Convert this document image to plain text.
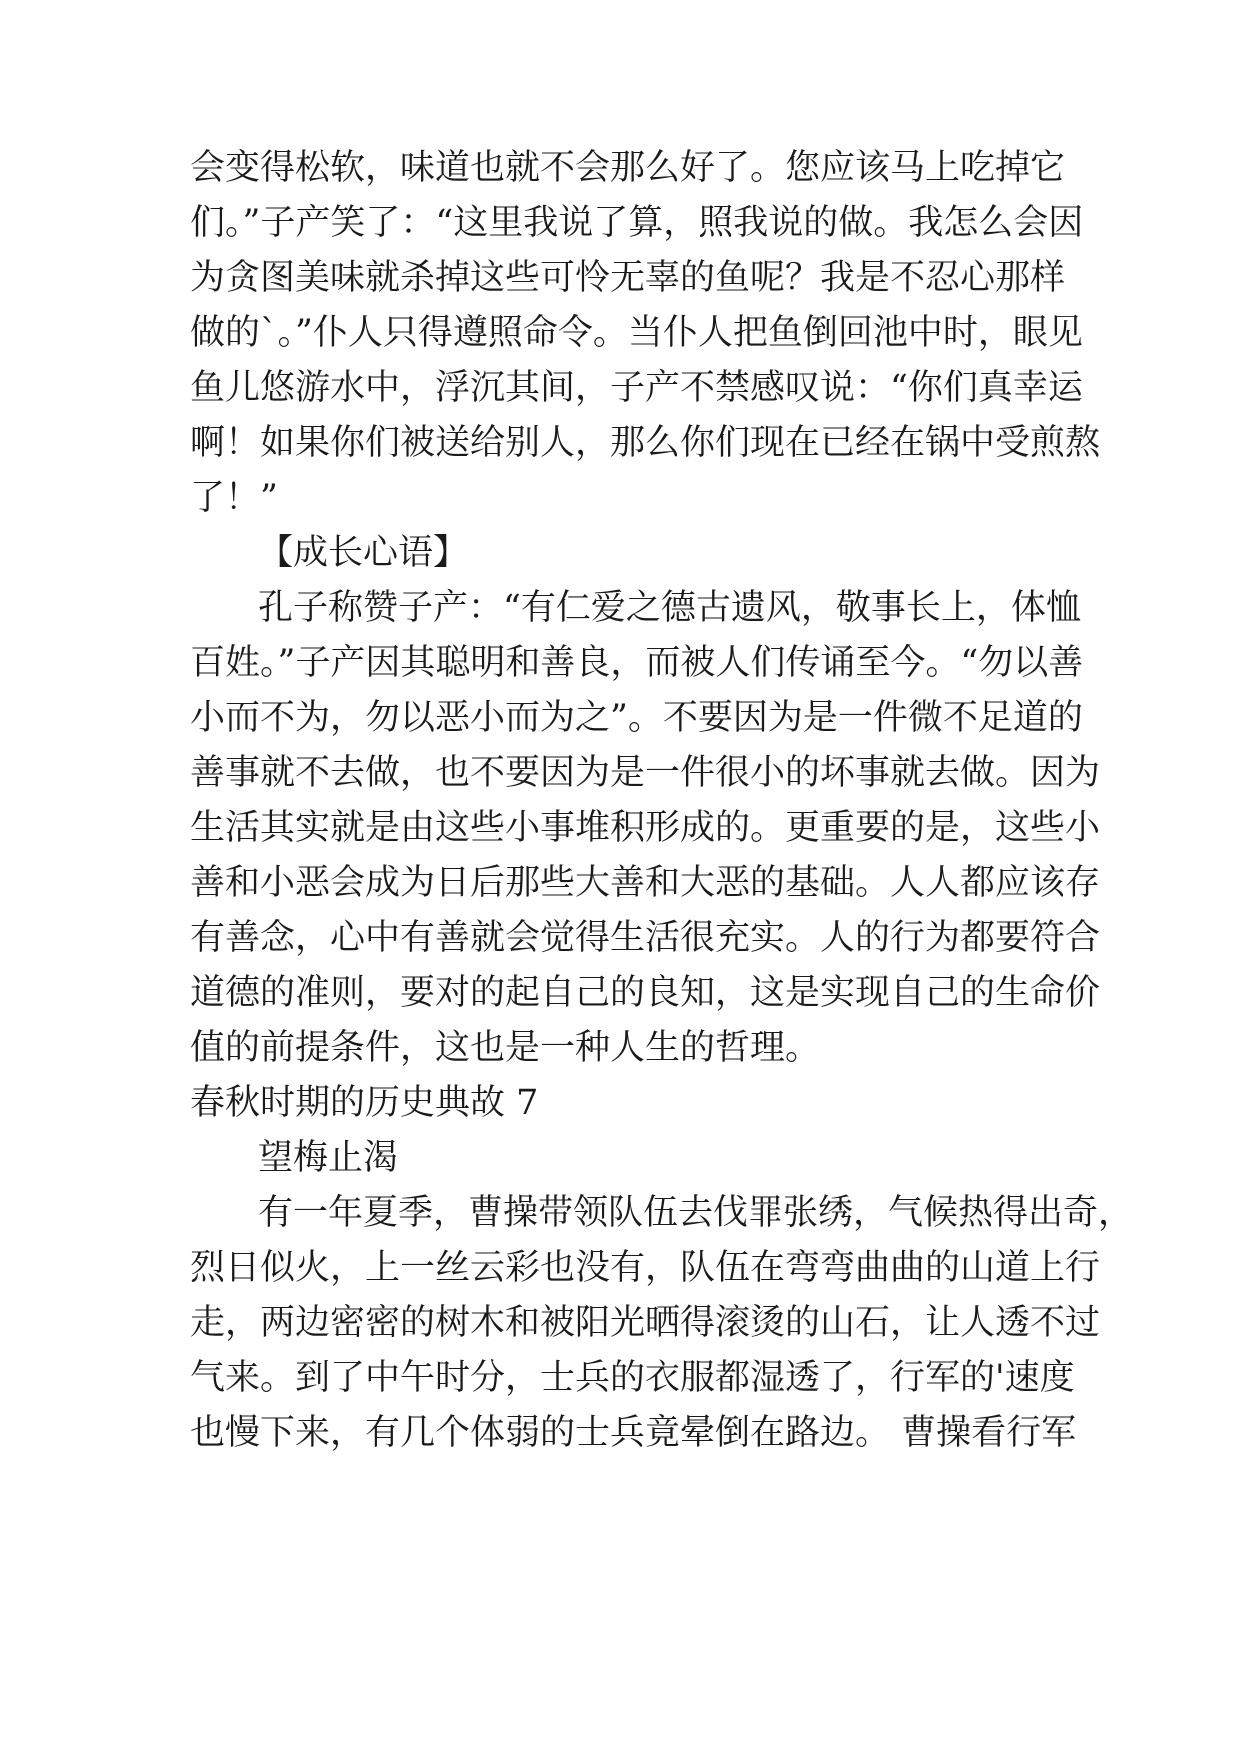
会变得松软，味道也就不会那么好了。您应该马上吃掉它
们。”子产笑了：“这里我说了算，照我说的做。我怎么会因
为贪图美味就杀掉这些可怜无辜的鱼呢？我是不忍心那样
做的`。”仆人只得遵照命令。当仆人把鱼倒回池中时，眼见
鱼儿悠游水中，浮沉其间，子产不禁感叹说：“你们真幸运
啊！如果你们被送给别人，那么你们现在已经在锅中受煎熬
了！”
【成长心语】
孔子称赞子产：“有仁爱之德古遗风，敬事长上，体恤
百姓。”子产因其聪明和善良，而被人们传诵至今。“勿以善
小而不为，勿以恶小而为之”。不要因为是一件微不足道的
善事就不去做，也不要因为是一件很小的坏事就去做。因为
生活其实就是由这些小事堆积形成的。更重要的是，这些小
善和小恶会成为日后那些大善和大恶的基础。人人都应该存
有善念，心中有善就会觉得生活很充实。人的行为都要符合
道德的准则，要对的起自己的良知，这是实现自己的生命价
值的前提条件，这也是一种人生的哲理。
春秋时期的历史典故 7
望梅止渴
有一年夏季，曹操带领队伍去伐罪张绣，气候热得出奇，
烈日似火，上一丝云彩也没有，队伍在弯弯曲曲的山道上行
走，两边密密的树木和被阳光晒得滚烫的山石，让人透不过
气来。到了中午时分，士兵的衣服都湿透了，行军的'速度
也慢下来，有几个体弱的士兵竟晕倒在路边。 曹操看行军
